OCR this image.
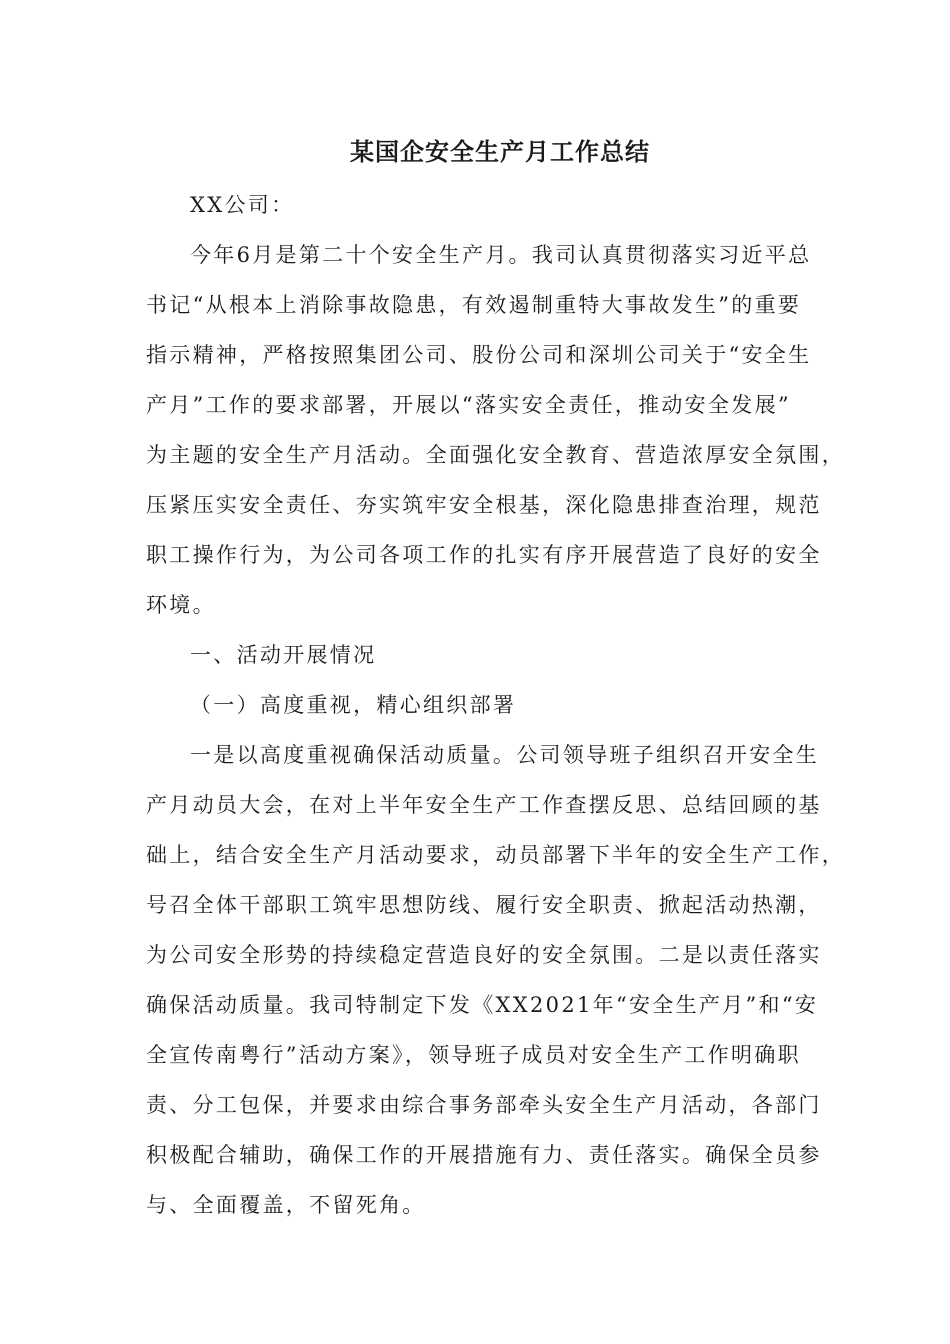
某国企安全生产月工作总结
XX公司：
今年6月是第二十个安全生产月。我司认真贯彻落实习近平总
书记“从根本上消除事故隐患，有效遏制重特大事故发生”的重要
指示精神，严格按照集团公司、股份公司和深圳公司关于“安全生
产月”工作的要求部署，开展以“落实安全责任，推动安全发展”
为主题的安全生产月活动。全面强化安全教育、营造浓厚安全氛围，
压紧压实安全责任、夯实筑牢安全根基，深化隐患排查治理，规范
职工操作行为，为公司各项工作的扎实有序开展营造了良好的安全
环境。
一、活动开展情况
（一）高度重视，精心组织部署
一是以高度重视确保活动质量。公司领导班子组织召开安全生
产月动员大会，在对上半年安全生产工作查摆反思、总结回顾的基
础上，结合安全生产月活动要求，动员部署下半年的安全生产工作，
号召全体干部职工筑牢思想防线、履行安全职责、掀起活动热潮，
为公司安全形势的持续稳定营造良好的安全氛围。二是以责任落实
确保活动质量。我司特制定下发《XX2021年“安全生产月”和“安
全宣传南粤行”活动方案》，领导班子成员对安全生产工作明确职
责、分工包保，并要求由综合事务部牵头安全生产月活动，各部门
积极配合辅助，确保工作的开展措施有力、责任落实。确保全员参
与、全面覆盖，不留死角。
